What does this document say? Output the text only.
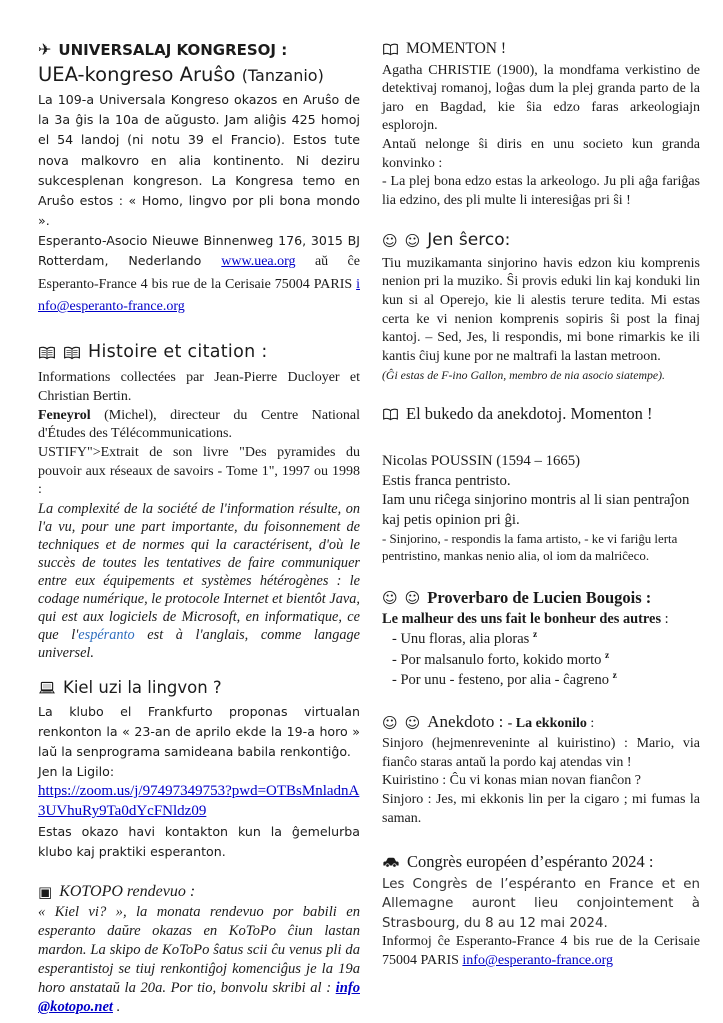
✈ UNIVERSALAJ KONGRESOJ :
UEA-kongreso Aruŝo (Tanzanio)

La 109-a Universala Kongreso okazos en Aruŝo de la 3a ĝis la 10a de aŭgusto. Jam aliĝis 425 homoj el 54 landoj (ni notu 39 el Francio). Estos tute nova malkovro en alia kontinento. Ni deziru sukcesplenan kongreson. La Kongresa temo en Aruŝo estos : « Homo, lingvo por pli bona mondo ».

Esperanto-Asocio Nieuwe Binnenweg 176, 3015 BJ Rotterdam, Nederlando www.uea.org aŭ ĉe Esperanto-France 4 bis rue de la Cerisaie 75004 PARIS info@esperanto-france.org

Histoire et citation :

Informations collectées par Jean-Pierre Ducloyer et Christian Bertin.

Feneyrol (Michel), directeur du Centre National d'Études des Télécommunications.

USTIFY">Extrait de son livre "Des pyramides du pouvoir aux réseaux de savoirs - Tome 1", 1997 ou 1998 :

La complexité de la société de l'information résulte, on l'a vu, pour une part importante, du foisonnement de techniques et de normes qui la caractérisent, d'où le succès de toutes les tentatives de faire communiquer entre eux équipements et systèmes hétérogènes : le codage numérique, le protocole Internet et bientôt Java, qui est aux logiciels de Microsoft, en informatique, ce que l'espéranto est à l'anglais, comme langage universel.

Kiel uzi la lingvon ?

La klubo el Frankfurto proponas virtualan renkonton la « 23-an de aprilo ekde la 19-a horo » laŭ la senprograma samideana babila renkontiĝo.

Jen la Ligilo:

https://zoom.us/j/97497349753?pwd=OTBsMnladnA3UVhuRy9Ta0dYcFNldz09

Estas okazo havi kontakton kun la ĝemelurba klubo kaj praktiki esperanton.

▣ KOTOPO rendevuo :

« Kiel vi? », la monata rendevuo por babili en esperanto daŭre okazas en KoToPo ĉiun lastan mardon. La skipo de KoToPo ŝatus scii ĉu venus pli da esperantistoj se tiuj renkontiĝoj komenciĝus je la 19a horo anstataŭ la 20a. Por tio, bonvolu skribi al : info@kotopo.net .

MOMENTON !

Agatha CHRISTIE (1900), la mondfama verkistino de detektivaj romanoj, loĝas dum la plej granda parto de la jaro en Bagdad, kie ŝia edzo faras arkeologiajn esplorojn.

Antaŭ nelonge ŝi diris en unu societo kun granda konvinko :

- La plej bona edzo estas la arkeologo. Ju pli aĝa fariĝas lia edzino, des pli multe li interesiĝas pri ŝi !

☺ ☺ Jen ŝerco:

Tiu muzikamanta sinjorino havis edzon kiu komprenis nenion pri la muziko. Ŝi provis eduki lin kaj konduki lin kun si al Operejo, kie li alestis terure tedita. Mi estas certa ke vi nenion komprenis sopiris ŝi post la finaj kantoj. – Sed, Jes, li respondis, mi bone rimarkis ke ili kantis ĉiuj kune por ne maltrafi la lastan metroon.

(Ĝi estas de F-ino Gallon, membro de nia asocio siatempe).

El bukedo da anekdotoj. Momenton !

Nicolas POUSSIN (1594 – 1665)

Estis franca pentristo.

Iam unu riĉega sinjorino montris al li sian pentraĵon kaj petis opinion pri ĝi.

- Sinjorino, - respondis la fama artisto, - ke vi fariĝu lerta pentristino, mankas nenio alia, ol iom da malriĉeco.

☺ ☺ Proverbaro de Lucien Bougois :

Le malheur des uns fait le bonheur des autres :

- Unu floras, alia ploras $^z$
- Por malsanulo forto, kokido morto $^z$
- Por unu - festeno, por alia - ĉagreno $^z$
☺ ☺ Anekdoto : - La ekkonilo :

Sinjoro (hejmenreveninte al kuiristino) : Mario, via fianĉo staras antaŭ la pordo kaj atendas vin !

Kuiristino : Ĉu vi konas mian novan fianĉon ?

Sinjoro : Jes, mi ekkonis lin per la cigaro ; mi fumas la saman.

Congrès européen d’espéranto 2024 :

Les Congrès de l’espéranto en France et en Allemagne auront lieu conjointement à Strasbourg, du 8 au 12 mai 2024.

Informoj ĉe Esperanto-France 4 bis rue de la Cerisaie 75004 PARIS info@esperanto-france.org
